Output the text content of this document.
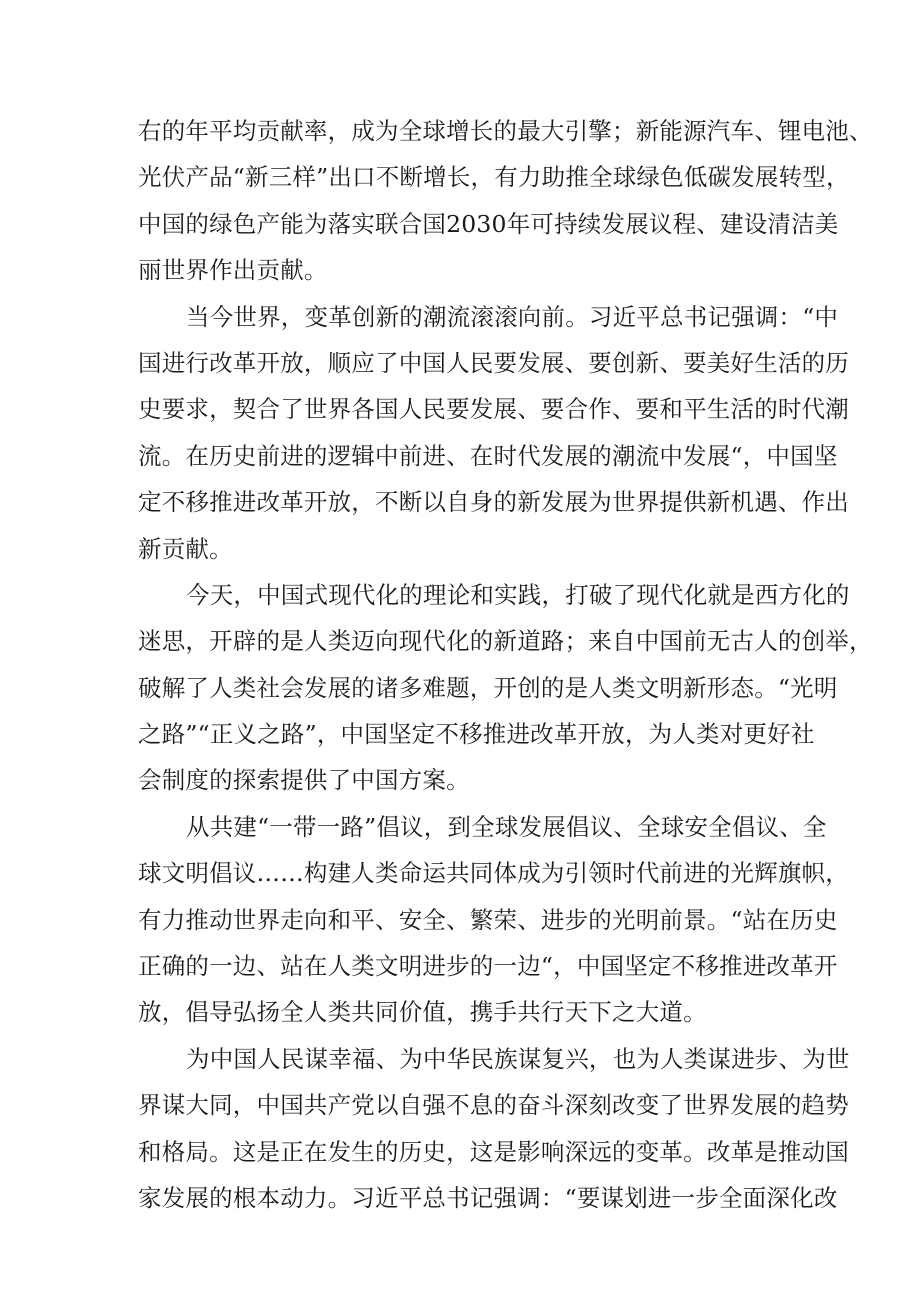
右的年平均贡献率，成为全球增长的最大引擎；新能源汽车、锂电池、
光伏产品“新三样”出口不断增长，有力助推全球绿色低碳发展转型，
中国的绿色产能为落实联合国2030年可持续发展议程、建设清洁美
丽世界作出贡献。
当今世界，变革创新的潮流滚滚向前。习近平总书记强调：“中
国进行改革开放，顺应了中国人民要发展、要创新、要美好生活的历
史要求，契合了世界各国人民要发展、要合作、要和平生活的时代潮
流。在历史前进的逻辑中前进、在时代发展的潮流中发展“，中国坚
定不移推进改革开放，不断以自身的新发展为世界提供新机遇、作出
新贡献。
今天，中国式现代化的理论和实践，打破了现代化就是西方化的
迷思，开辟的是人类迈向现代化的新道路；来自中国前无古人的创举，
破解了人类社会发展的诸多难题，开创的是人类文明新形态。“光明
之路”“正义之路”，中国坚定不移推进改革开放，为人类对更好社
会制度的探索提供了中国方案。
从共建“一带一路”倡议，到全球发展倡议、全球安全倡议、全
球文明倡议……构建人类命运共同体成为引领时代前进的光辉旗帜，
有力推动世界走向和平、安全、繁荣、进步的光明前景。“站在历史
正确的一边、站在人类文明进步的一边“，中国坚定不移推进改革开
放，倡导弘扬全人类共同价值，携手共行天下之大道。
为中国人民谋幸福、为中华民族谋复兴，也为人类谋进步、为世
界谋大同，中国共产党以自强不息的奋斗深刻改变了世界发展的趋势
和格局。这是正在发生的历史，这是影响深远的变革。改革是推动国
家发展的根本动力。习近平总书记强调：“要谋划进一步全面深化改
